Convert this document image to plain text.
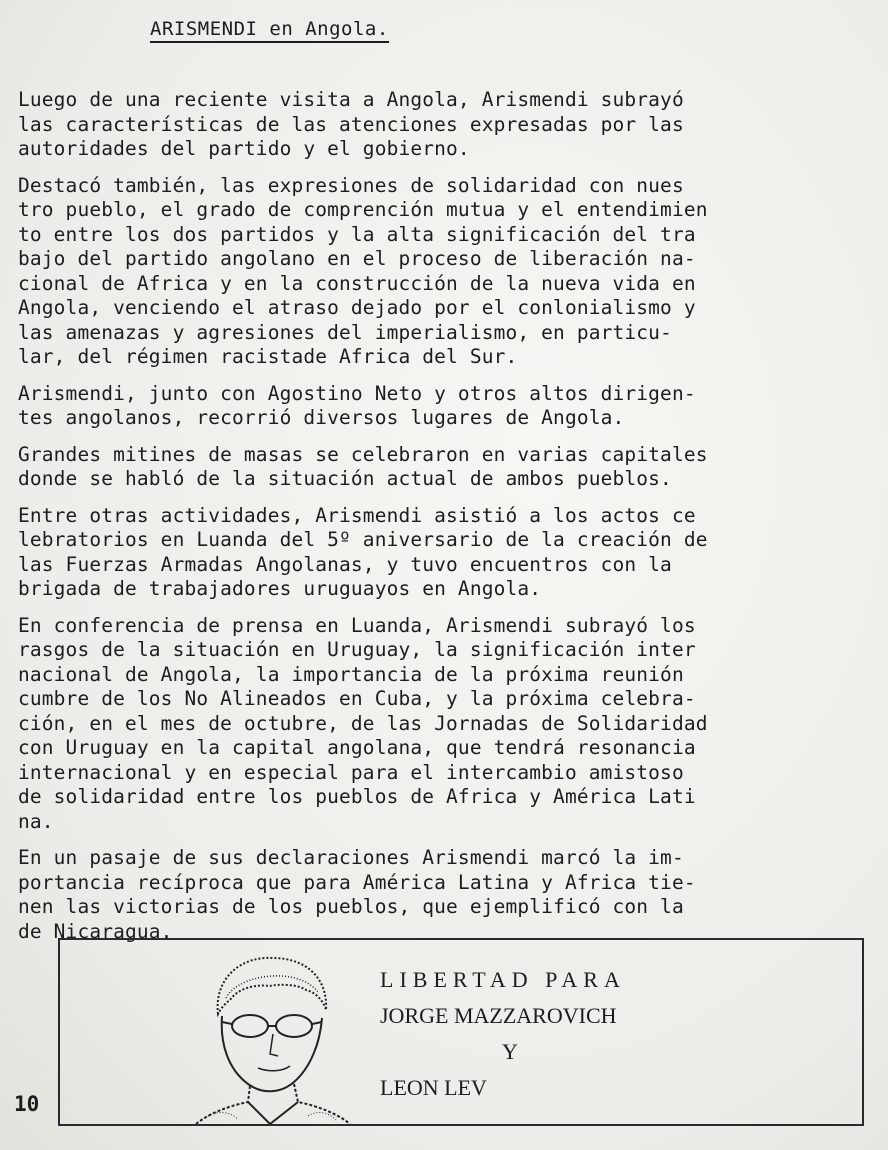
ARISMENDI en Angola.

Luego de una reciente visita a Angola, Arismendi subrayó
las características de las atenciones expresadas por las
autoridades del partido y el gobierno.

Destacó también, las expresiones de solidaridad con nues
tro pueblo, el grado de comprención mutua y el entendimien
to entre los dos partidos y la alta significación del tra
bajo del partido angolano en el proceso de liberación na-
cional de Africa y en la construcción de la nueva vida en
Angola, venciendo el atraso dejado por el conlonialismo y
las amenazas y agresiones del imperialismo, en particu-
lar, del régimen racistade Africa del Sur.

Arismendi, junto con Agostino Neto y otros altos dirigen-
tes angolanos, recorrió diversos lugares de Angola.

Grandes mitines de masas se celebraron en varias capitales
donde se habló de la situación actual de ambos pueblos.

Entre otras actividades, Arismendi asistió a los actos ce
lebratorios en Luanda del 5º aniversario de la creación de
las Fuerzas Armadas Angolanas, y tuvo encuentros con la
brigada de trabajadores uruguayos en Angola.

En conferencia de prensa en Luanda, Arismendi subrayó los
rasgos de la situación en Uruguay, la significación inter
nacional de Angola, la importancia de la próxima reunión
cumbre de los No Alineados en Cuba, y la próxima celebra-
ción, en el mes de octubre, de las Jornadas de Solidaridad
con Uruguay en la capital angolana, que tendrá resonancia
internacional y en especial para el intercambio amistoso
de solidaridad entre los pueblos de Africa y América Lati
na.

En un pasaje de sus declaraciones Arismendi marcó la im-
portancia recíproca que para América Latina y Africa tie-
nen las victorias de los pueblos, que ejemplificó con la
de Nicaragua.

LIBERTAD PARA
JORGE MAZZAROVICH
Y
LEON LEV
10
